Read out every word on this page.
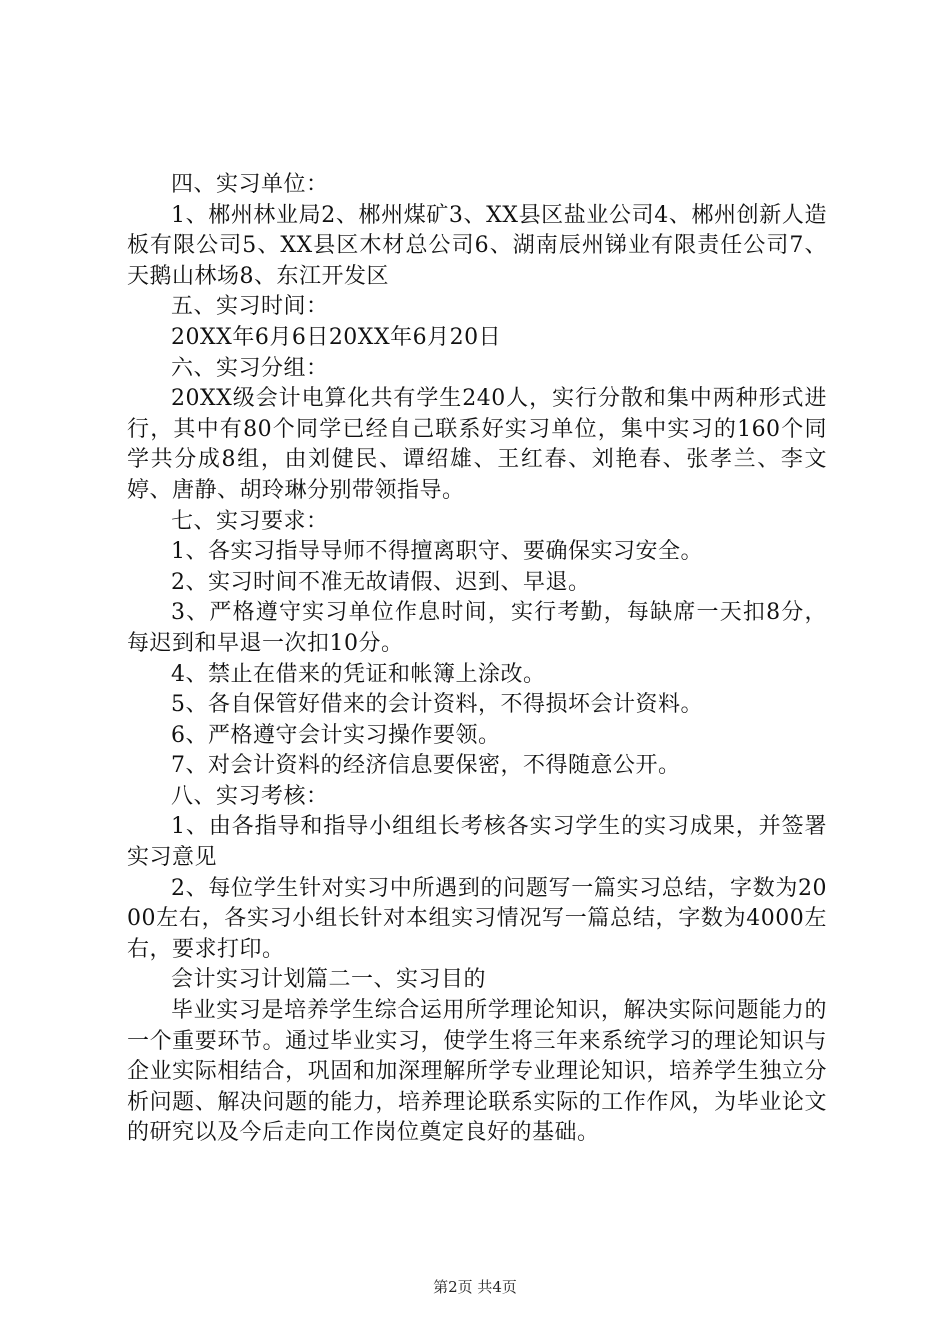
四、实习单位：

1、郴州林业局2、郴州煤矿3、XX县区盐业公司4、郴州创新人造板有限公司5、XX县区木材总公司6、湖南辰州锑业有限责任公司7、天鹅山林场8、东江开发区

五、实习时间：

20XX年6月6日20XX年6月20日

六、实习分组：

20XX级会计电算化共有学生240人，实行分散和集中两种形式进行，其中有80个同学已经自己联系好实习单位，集中实习的160个同学共分成8组，由刘健民、谭绍雄、王红春、刘艳春、张孝兰、李文婷、唐静、胡玲琳分别带领指导。

七、实习要求：

1、各实习指导导师不得擅离职守、要确保实习安全。

2、实习时间不准无故请假、迟到、早退。

3、严格遵守实习单位作息时间，实行考勤，每缺席一天扣8分，每迟到和早退一次扣10分。

4、禁止在借来的凭证和帐簿上涂改。

5、各自保管好借来的会计资料，不得损坏会计资料。

6、严格遵守会计实习操作要领。

7、对会计资料的经济信息要保密，不得随意公开。

八、实习考核：

1、由各指导和指导小组组长考核各实习学生的实习成果，并签署实习意见

2、每位学生针对实习中所遇到的问题写一篇实习总结，字数为2000左右，各实习小组长针对本组实习情况写一篇总结，字数为4000左右，要求打印。

会计实习计划篇二一、实习目的

毕业实习是培养学生综合运用所学理论知识，解决实际问题能力的一个重要环节。通过毕业实习，使学生将三年来系统学习的理论知识与企业实际相结合，巩固和加深理解所学专业理论知识，培养学生独立分析问题、解决问题的能力，培养理论联系实际的工作作风，为毕业论文的研究以及今后走向工作岗位奠定良好的基础。

第2页 共4页
